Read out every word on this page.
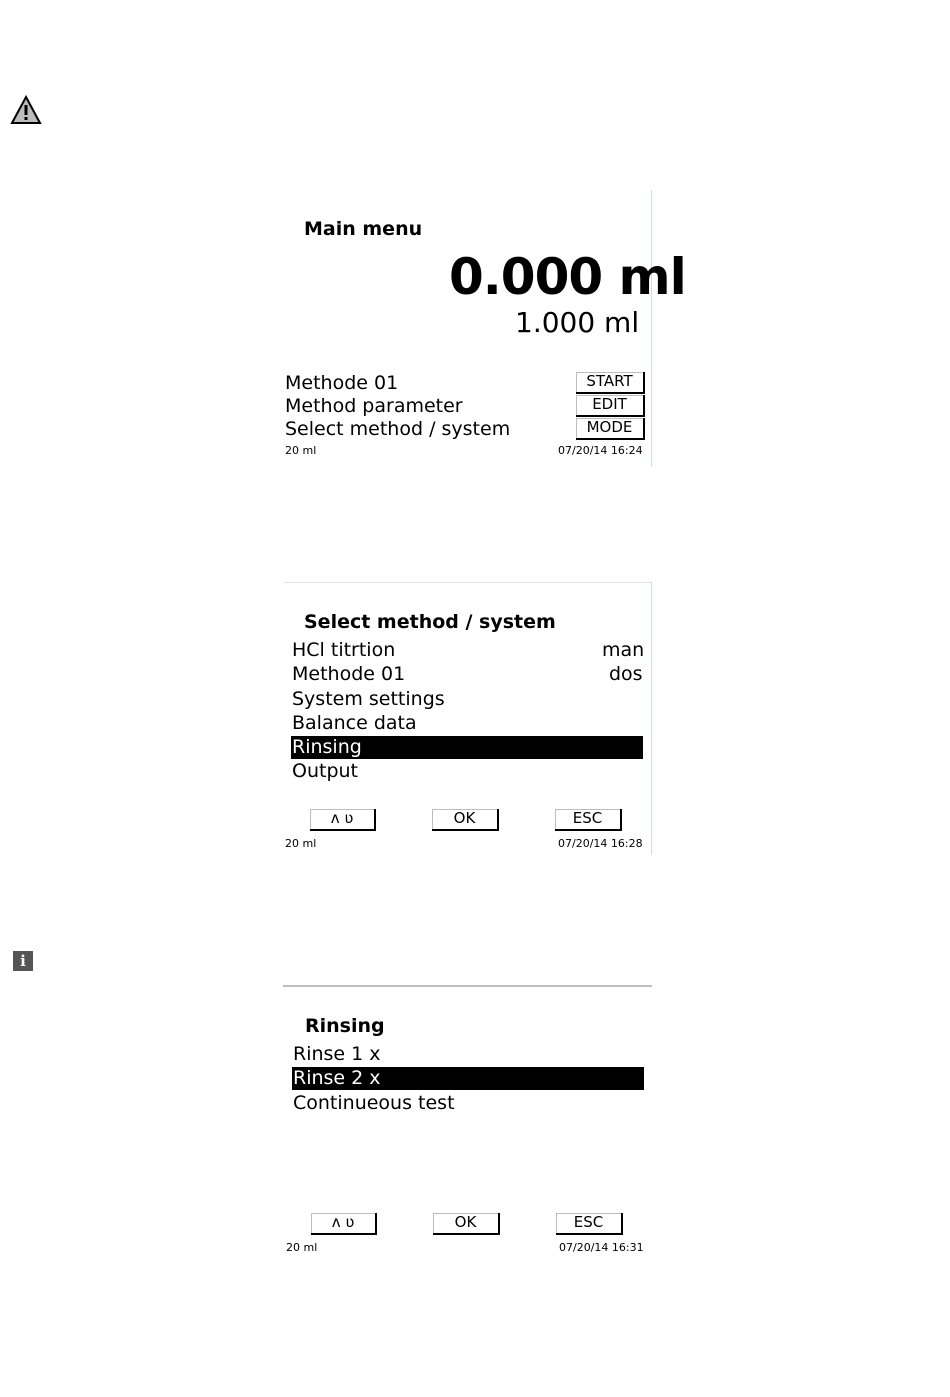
Main menu
0.000 ml
1.000 ml
Methode 01
Method parameter
Select method / system
START
EDIT
MODE
20 ml	07/20/14 16:24
Select method / system
HCl titrtion	man
Methode 01	dos
System settings
Balance data
Rinsing
Output
ʌ ʋ	OK	ESC
20 ml	07/20/14 16:28
i
Rinsing
Rinse 1 x
Rinse 2 x
Continueous test
ʌ ʋ	OK	ESC
20 ml	07/20/14 16:31
